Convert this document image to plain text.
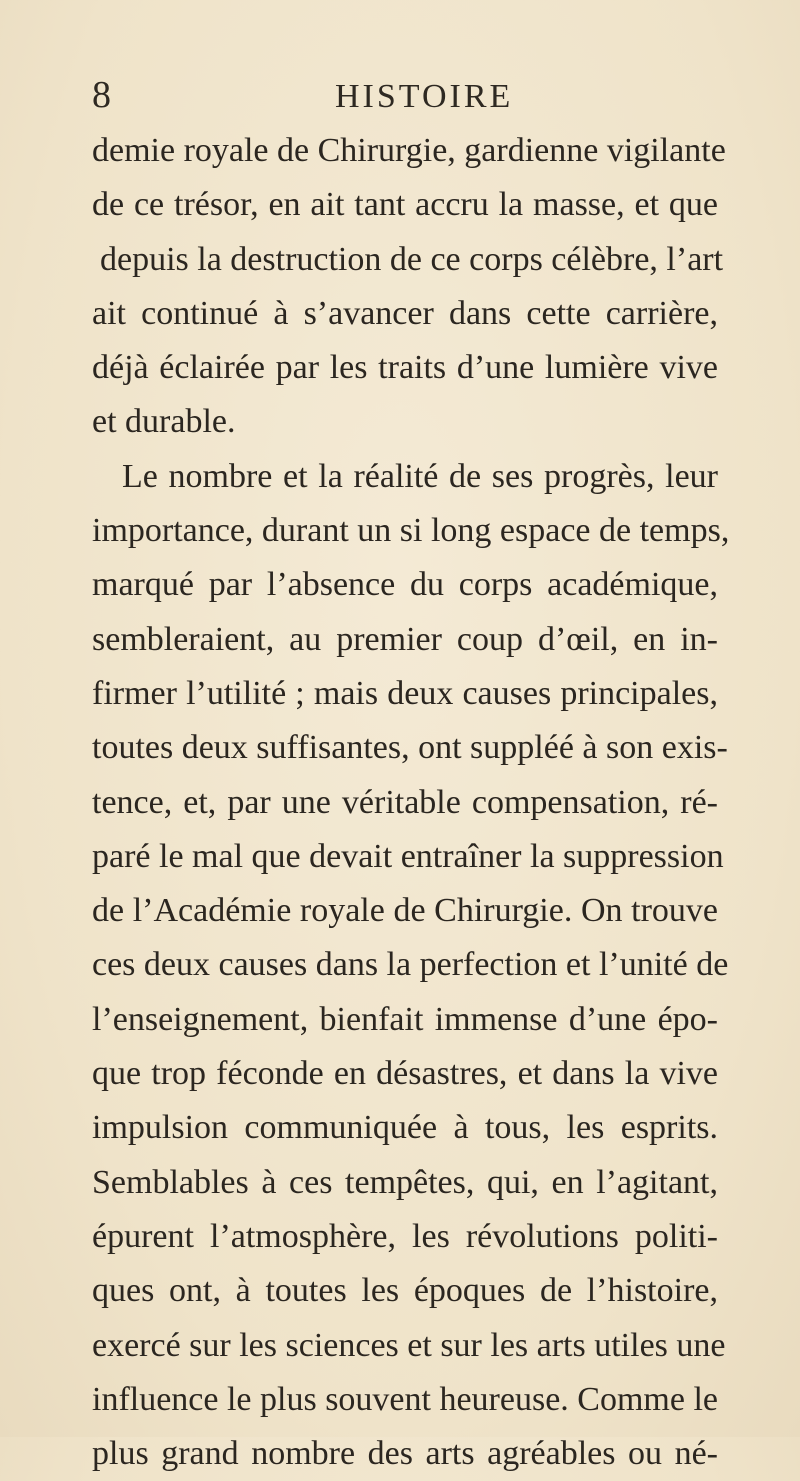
8	HISTOIRE
demie royale de Chirurgie, gardienne vigilante
de ce trésor, en ait tant accru la masse, et que
depuis la destruction de ce corps célèbre, l’art
ait continué à s’avancer dans cette carrière,
déjà éclairée par les traits d’une lumière vive
et durable.
Le nombre et la réalité de ses progrès, leur
importance, durant un si long espace de temps,
marqué par l’absence du corps académique,
sembleraient, au premier coup d’œil, en in-
firmer l’utilité ; mais deux causes principales,
toutes deux suffisantes, ont suppléé à son exis-
tence, et, par une véritable compensation, ré-
paré le mal que devait entraîner la suppression
de l’Académie royale de Chirurgie. On trouve
ces deux causes dans la perfection et l’unité de
l’enseignement, bienfait immense d’une épo-
que trop féconde en désastres, et dans la vive
impulsion communiquée à tous, les esprits.
Semblables à ces tempêtes, qui, en l’agitant,
épurent l’atmosphère, les révolutions politi-
ques ont, à toutes les époques de l’histoire,
exercé sur les sciences et sur les arts utiles une
influence le plus souvent heureuse. Comme le
plus grand nombre des arts agréables ou né-
